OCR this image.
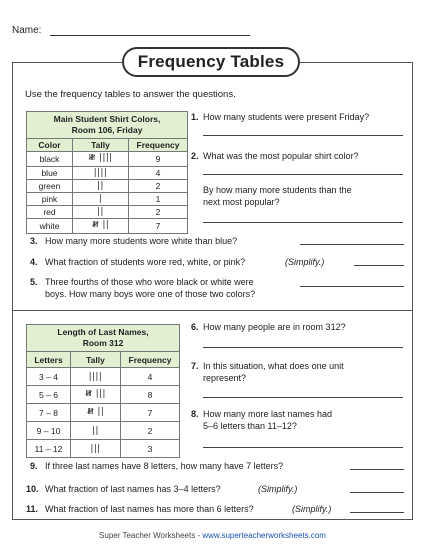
Name:
Frequency Tables
Use the frequency tables to answer the questions.
Main Student Shirt Colors,
Room 106, Friday		
Color	Tally	Frequency
black	𝍸 ||||	9
blue	||||	4
green	||	2
pink	|	1
red	||	2
white	𝍸 ||	7
1. How many students were present Friday?
2. What was the most popular shirt color?
By how many more students than the
next most popular?
3. How many more students wore white than blue?
4. What fraction of students wore red, white, or pink?	(Simplify.)
5. Three fourths of those who wore black or white were
boys. How many boys wore one of those two colors?
Length of Last Names,
Room 312		
Letters	Tally	Frequency
3 – 4	||||	4
5 – 6	𝍸 |||	8
7 – 8	𝍸 ||	7
9 – 10	||	2
11 – 12	|||	3
6. How many people are in room 312?
7. In this situation, what does one unit
represent?
8. How many more last names had
5–6 letters than 11–12?
9. If three last names have 8 letters, how many have 7 letters?
10. What fraction of last names has 3–4 letters?	(Simplify.)
11. What fraction of last names has more than 6 letters?	(Simplify.)
Super Teacher Worksheets - www.superteacherworksheets.com
